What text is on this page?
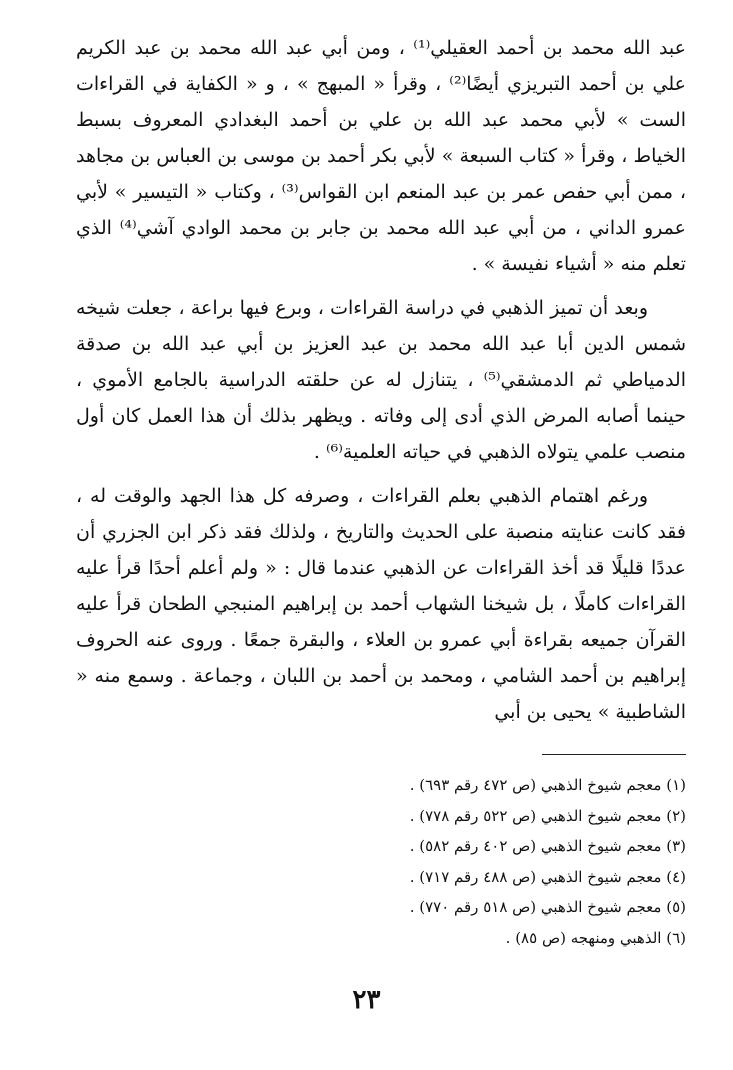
عبد الله محمد بن أحمد العقيلي⁽¹⁾ ، ومن أبي عبد الله محمد بن عبد الكريم علي بن أحمد التبريزي أيضًا⁽²⁾ ، وقرأ « المبهج » ، و « الكفاية في القراءات الست » لأبي محمد عبد الله بن علي بن أحمد البغدادي المعروف بسبط الخياط ، وقرأ « كتاب السبعة » لأبي بكر أحمد بن موسى بن العباس بن مجاهد ، ممن أبي حفص عمر بن عبد المنعم ابن القواس⁽³⁾ ، وكتاب « التيسير » لأبي عمرو الداني ، من أبي عبد الله محمد بن جابر بن محمد الوادي آشي⁽⁴⁾ الذي تعلم منه « أشياء نفيسة » .

وبعد أن تميز الذهبي في دراسة القراءات ، وبرع فيها براعة ، جعلت شيخه شمس الدين أبا عبد الله محمد بن عبد العزيز بن أبي عبد الله بن صدقة الدمياطي ثم الدمشقي⁽⁵⁾ ، يتنازل له عن حلقته الدراسية بالجامع الأموي ، حينما أصابه المرض الذي أدى إلى وفاته . ويظهر بذلك أن هذا العمل كان أول منصب علمي يتولاه الذهبي في حياته العلمية⁽⁶⁾ .

ورغم اهتمام الذهبي بعلم القراءات ، وصرفه كل هذا الجهد والوقت له ، فقد كانت عنايته منصبة على الحديث والتاريخ ، ولذلك فقد ذكر ابن الجزري أن عددًا قليلًا قد أخذ القراءات عن الذهبي عندما قال : « ولم أعلم أحدًا قرأ عليه القراءات كاملًا ، بل شيخنا الشهاب أحمد بن إبراهيم المنبجي الطحان قرأ عليه القرآن جميعه بقراءة أبي عمرو بن العلاء ، والبقرة جمعًا . وروى عنه الحروف إبراهيم بن أحمد الشامي ، ومحمد بن أحمد بن اللبان ، وجماعة . وسمع منه « الشاطبية » يحيى بن أبي

(١) معجم شيوخ الذهبي (ص ٤٧٢ رقم ٦٩٣) .
(٢) معجم شيوخ الذهبي (ص ٥٢٢ رقم ٧٧٨) .
(٣) معجم شيوخ الذهبي (ص ٤٠٢ رقم ٥٨٢) .
(٤) معجم شيوخ الذهبي (ص ٤٨٨ رقم ٧١٧) .
(٥) معجم شيوخ الذهبي (ص ٥١٨ رقم ٧٧٠) .
(٦) الذهبي ومنهجه (ص ٨٥) .
٢٣
